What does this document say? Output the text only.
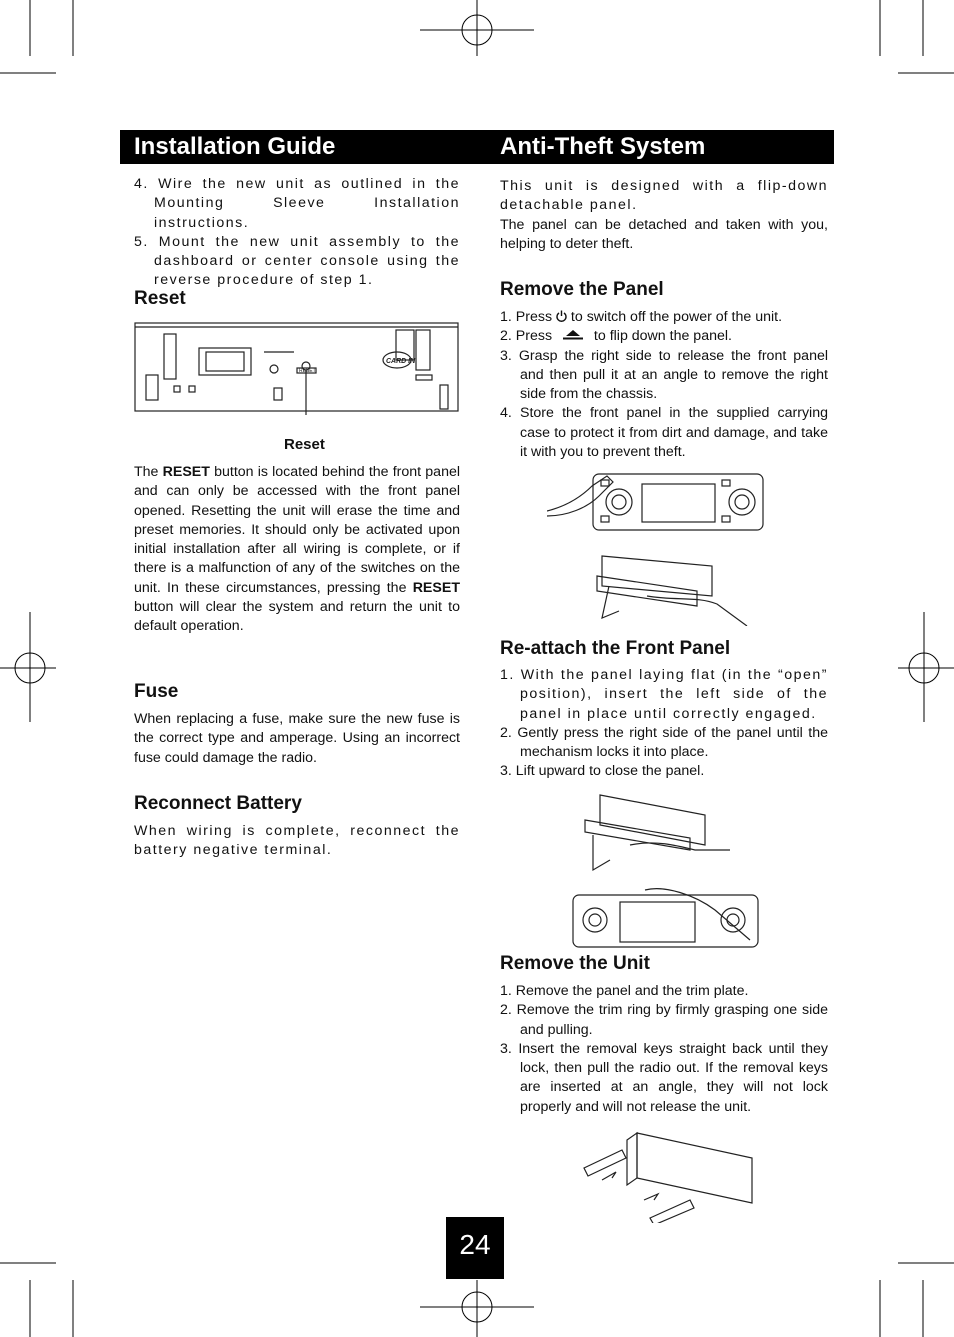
Installation Guide	Anti-Theft System

4. Wire the new unit as outlined in the Mounting Sleeve Installation instructions.

5. Mount the new unit assembly to the dashboard or center console using the reverse procedure of step 1.

Reset
RESET
CARD IN
Reset

The RESET button is located behind the front panel and can only be accessed with the front panel opened. Resetting the unit will erase the time and preset memories. It should only be activated upon initial installation after all wiring is complete, or if there is a malfunction of any of the switches on the unit. In these circumstances, pressing the RESET button will clear the system and return the unit to default operation.

Fuse

When replacing a fuse, make sure the new fuse is the correct type and amperage. Using an incorrect fuse could damage the radio.

Reconnect Battery

When wiring is complete, reconnect the battery negative terminal.

This unit is designed with a flip-down detachable panel.

The panel can be detached and taken with you, helping to deter theft.

Remove the Panel

1. Press  to switch off the power of the unit.

2. Press  to flip down the panel.

3. Grasp the right side to release the front panel and then pull it at an angle to remove the right side from the chassis.

4. Store the front panel in the supplied carrying case to protect it from dirt and damage, and take it with you to prevent theft.

Re-attach the Front Panel

1. With the panel laying flat (in the “open” position), insert the left side of the panel in place until correctly engaged.

2. Gently press the right side of the panel until the mechanism locks it into place.

3. Lift upward to close the panel.

Remove the Unit

1. Remove the panel and the trim plate.

2. Remove the trim ring by firmly grasping one side and pulling.

3. Insert the removal keys straight back until they lock, then pull the radio out. If the removal keys are inserted at an angle, they will not lock properly and will not release the unit.

24
